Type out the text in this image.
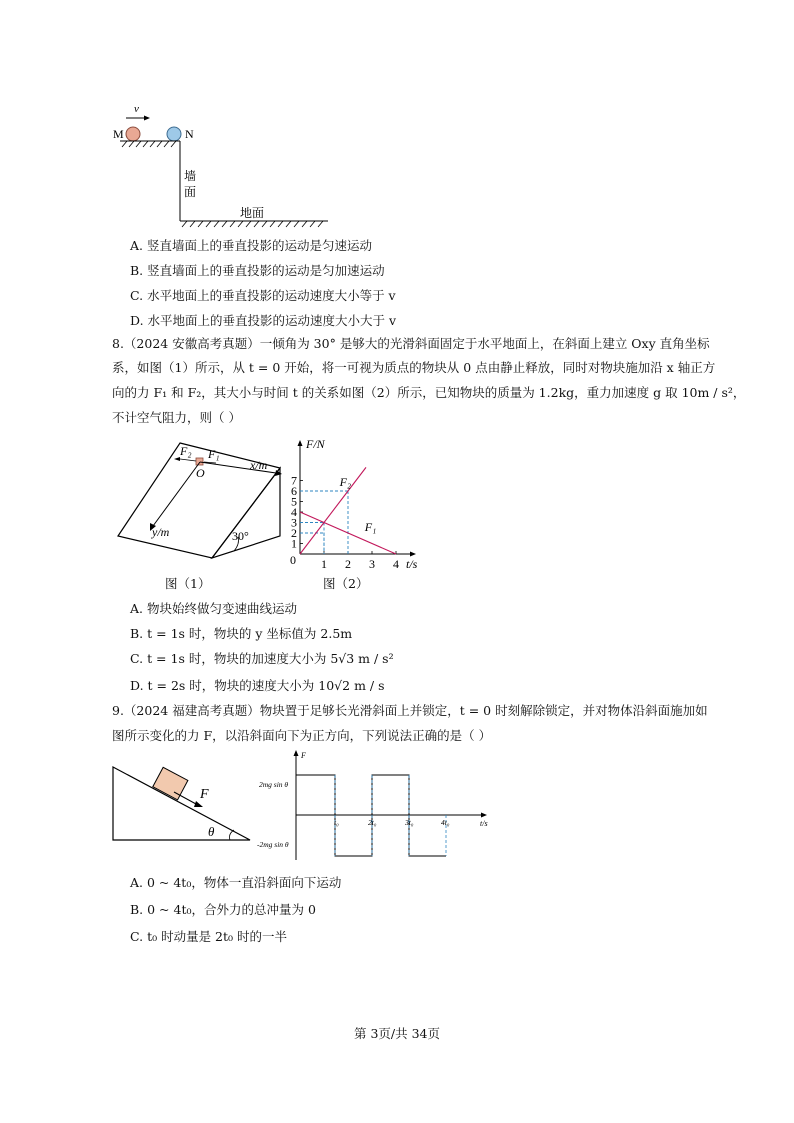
v
M	N
墙
面
地面
A. 竖直墙面上的垂直投影的运动是匀速运动
B. 竖直墙面上的垂直投影的运动是匀加速运动
C. 水平地面上的垂直投影的运动速度大小等于 v
D. 水平地面上的垂直投影的运动速度大小大于 v
8.（2024 安徽高考真题）一倾角为 30° 是够大的光滑斜面固定于水平地面上，在斜面上建立 Oxy 直角坐标
系，如图（1）所示，从 t = 0 开始，将一可视为质点的物块从 0 点由静止释放，同时对物块施加沿 x 轴正方
向的力 F₁ 和 F₂，其大小与时间 t 的关系如图（2）所示，已知物块的质量为 1.2kg，重力加速度 g 取 10m / s²，
不计空气阻力，则（ ）
30°
x/m
y/m
F₂ F₁
O
图（1）
F/N
t/s
0
1
2
3
4
5
6
7
1 2 3 4
F₂
F₁
图（2）
A. 物块始终做匀变速曲线运动
B. t = 1s 时，物块的 y 坐标值为 2.5m
C. t = 1s 时，物块的加速度大小为 5√3 m / s²
D. t = 2s 时，物块的速度大小为 10√2 m / s
9.（2024 福建高考真题）物块置于足够长光滑斜面上并锁定，t = 0 时刻解除锁定，并对物体沿斜面施加如
图所示变化的力 F，以沿斜面向下为正方向，下列说法正确的是（ ）
F
θ
F
t/s
2mg sin θ
-2mg sin θ
t₀	2t₀	3t₀	4t₀
A. 0 ~ 4t₀，物体一直沿斜面向下运动
B. 0 ~ 4t₀，合外力的总冲量为 0
C. t₀ 时动量是 2t₀ 时的一半
第 3页/共 34页
